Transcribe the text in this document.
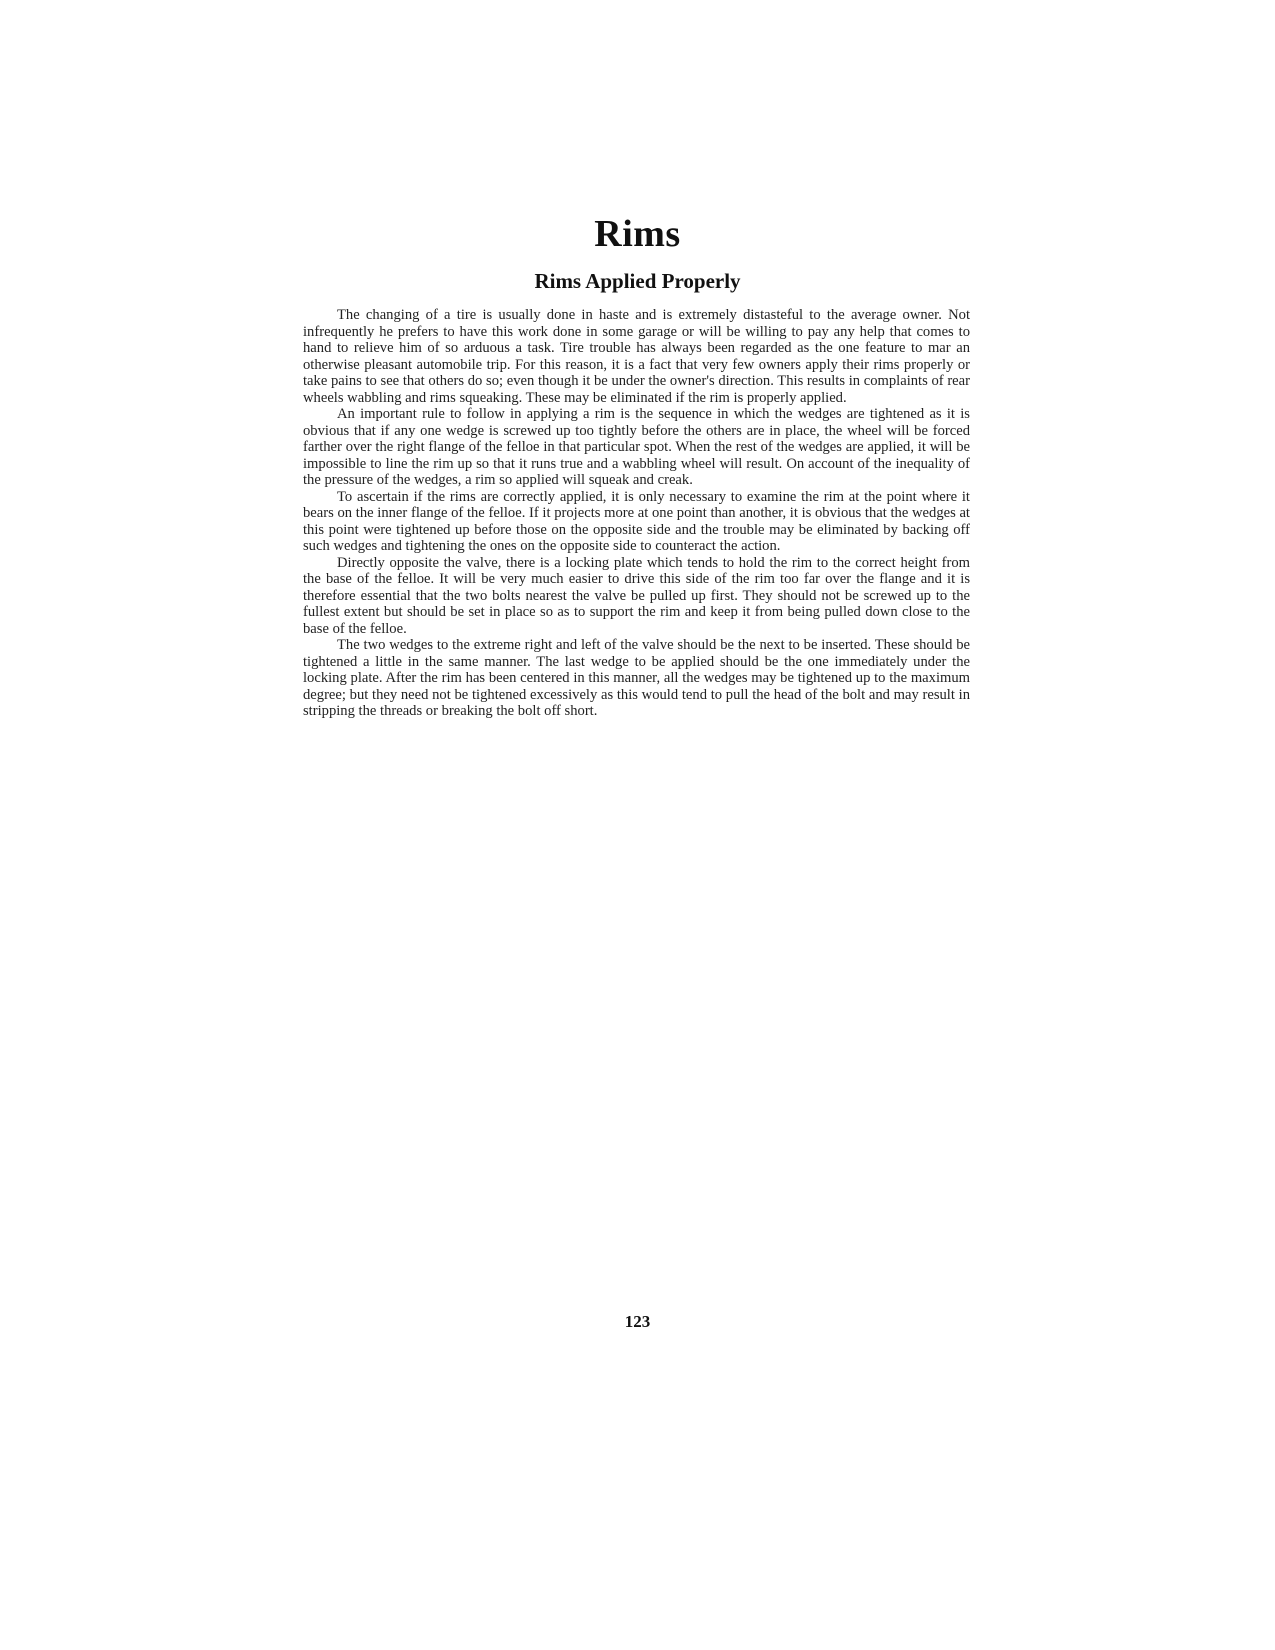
Rims
Rims Applied Properly

The changing of a tire is usually done in haste and is extremely distasteful to the average owner. Not infrequently he prefers to have this work done in some garage or will be willing to pay any help that comes to hand to relieve him of so arduous a task. Tire trouble has always been regarded as the one feature to mar an otherwise pleasant automobile trip. For this reason, it is a fact that very few owners apply their rims properly or take pains to see that others do so; even though it be under the owner's direction. This results in complaints of rear wheels wabbling and rims squeaking. These may be eliminated if the rim is properly applied.

An important rule to follow in applying a rim is the sequence in which the wedges are tightened as it is obvious that if any one wedge is screwed up too tightly before the others are in place, the wheel will be forced farther over the right flange of the felloe in that particular spot. When the rest of the wedges are applied, it will be impossible to line the rim up so that it runs true and a wabbling wheel will result. On account of the inequality of the pressure of the wedges, a rim so applied will squeak and creak.

To ascertain if the rims are correctly applied, it is only necessary to examine the rim at the point where it bears on the inner flange of the felloe. If it projects more at one point than another, it is obvious that the wedges at this point were tightened up before those on the opposite side and the trouble may be eliminated by backing off such wedges and tightening the ones on the opposite side to counteract the action.

Directly opposite the valve, there is a locking plate which tends to hold the rim to the correct height from the base of the felloe. It will be very much easier to drive this side of the rim too far over the flange and it is therefore essential that the two bolts nearest the valve be pulled up first. They should not be screwed up to the fullest extent but should be set in place so as to support the rim and keep it from being pulled down close to the base of the felloe.

The two wedges to the extreme right and left of the valve should be the next to be inserted. These should be tightened a little in the same manner. The last wedge to be applied should be the one immediately under the locking plate. After the rim has been centered in this manner, all the wedges may be tightened up to the maximum degree; but they need not be tightened excessively as this would tend to pull the head of the bolt and may result in stripping the threads or breaking the bolt off short.

123
